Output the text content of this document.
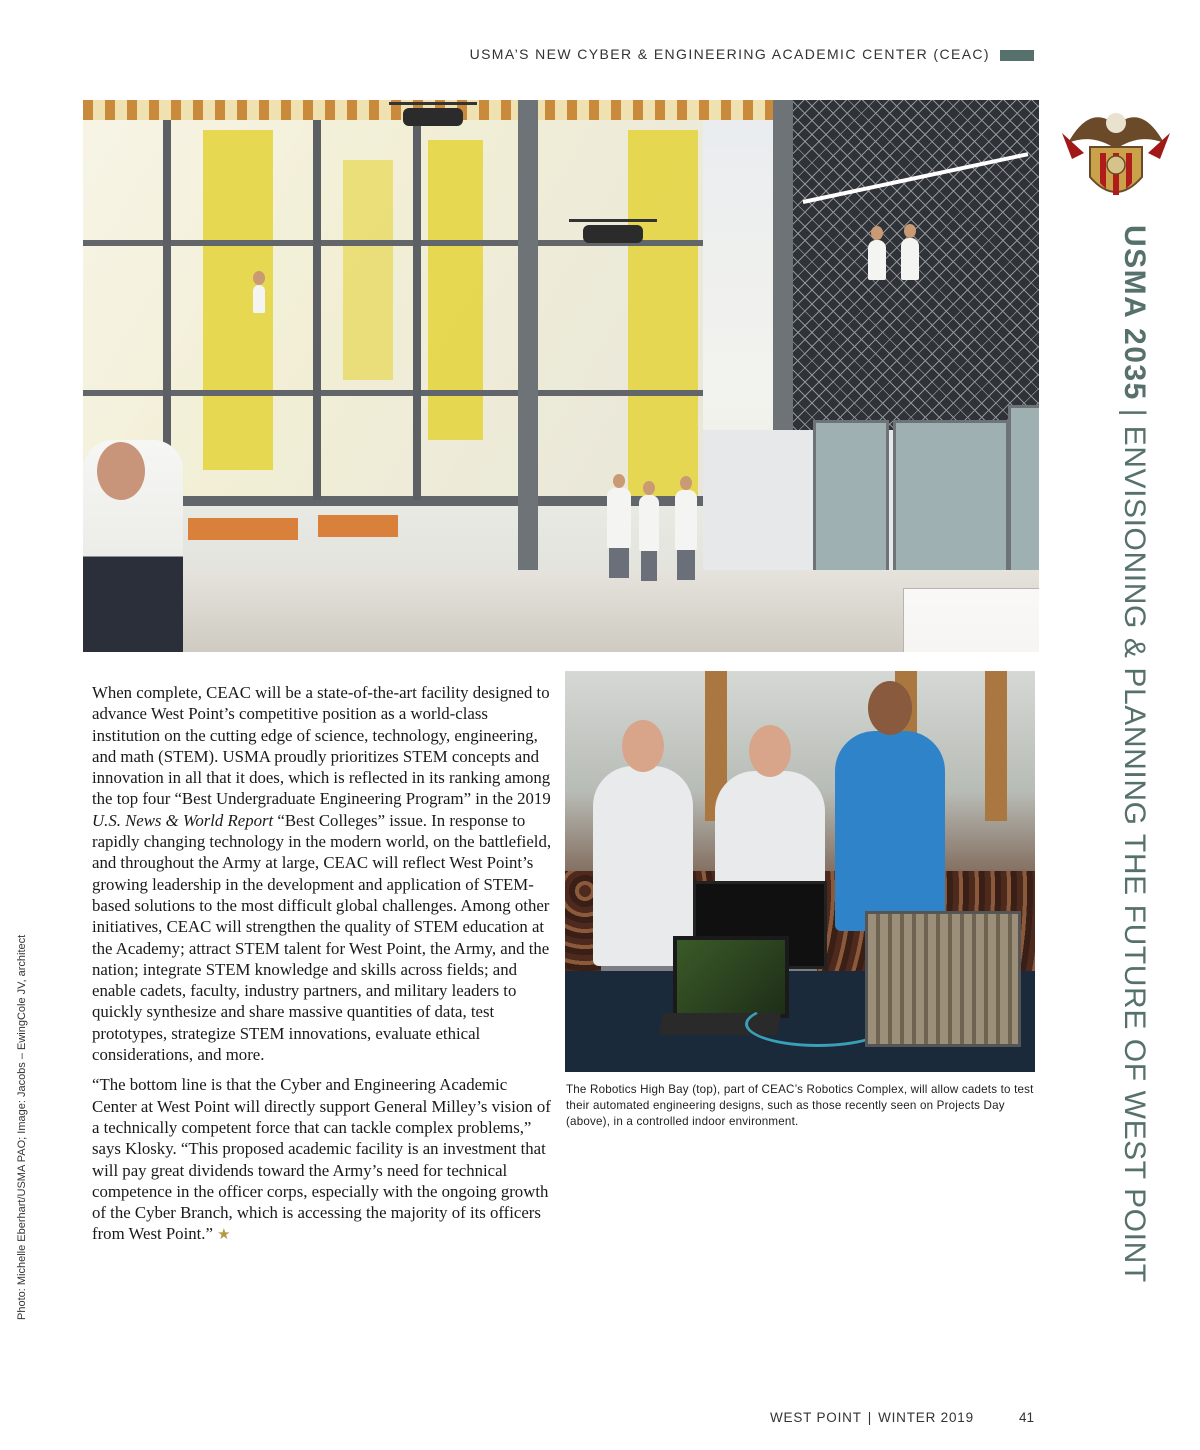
USMA’S NEW CYBER & ENGINEERING ACADEMIC CENTER (CEAC)

When complete, CEAC will be a state-of-the-art facility designed to advance West Point’s competitive position as a world-class institution on the cutting edge of science, technology, engineering, and math (STEM). USMA proudly prioritizes STEM concepts and innovation in all that it does, which is reflected in its ranking among the top four “Best Undergraduate Engineering Program” in the 2019 U.S. News & World Report “Best Colleges” issue. In response to rapidly changing technology in the modern world, on the battlefield, and throughout the Army at large, CEAC will reflect West Point’s growing leadership in the development and application of STEM-based solutions to the most difficult global challenges. Among other initiatives, CEAC will strengthen the quality of STEM education at the Academy; attract STEM talent for West Point, the Army, and the nation; integrate STEM knowledge and skills across fields; and enable cadets, faculty, industry partners, and military leaders to quickly synthesize and share massive quantities of data, test prototypes, strategize STEM innovations, evaluate ethical considerations, and more.

“The bottom line is that the Cyber and Engineering Academic Center at West Point will directly support General Milley’s vision of a technically competent force that can tackle complex problems,” says Klosky. “This proposed academic facility is an investment that will pay great dividends toward the Army’s need for technical competence in the officer corps, especially with the ongoing growth of the Cyber Branch, which is accessing the majority of its officers from West Point.” ★

The Robotics High Bay (top), part of CEAC’s Robotics Complex, will allow cadets to test their automated engineering designs, such as those recently seen on Projects Day (above), in a controlled indoor environment.
USMA 2035|ENVISIONING & PLANNING THE FUTURE OF WEST POINT
Photo: Michelle Eberhart/USMA PAO; Image: Jacobs – EwingCole JV, architect
WEST POINT | WINTER 2019	41
